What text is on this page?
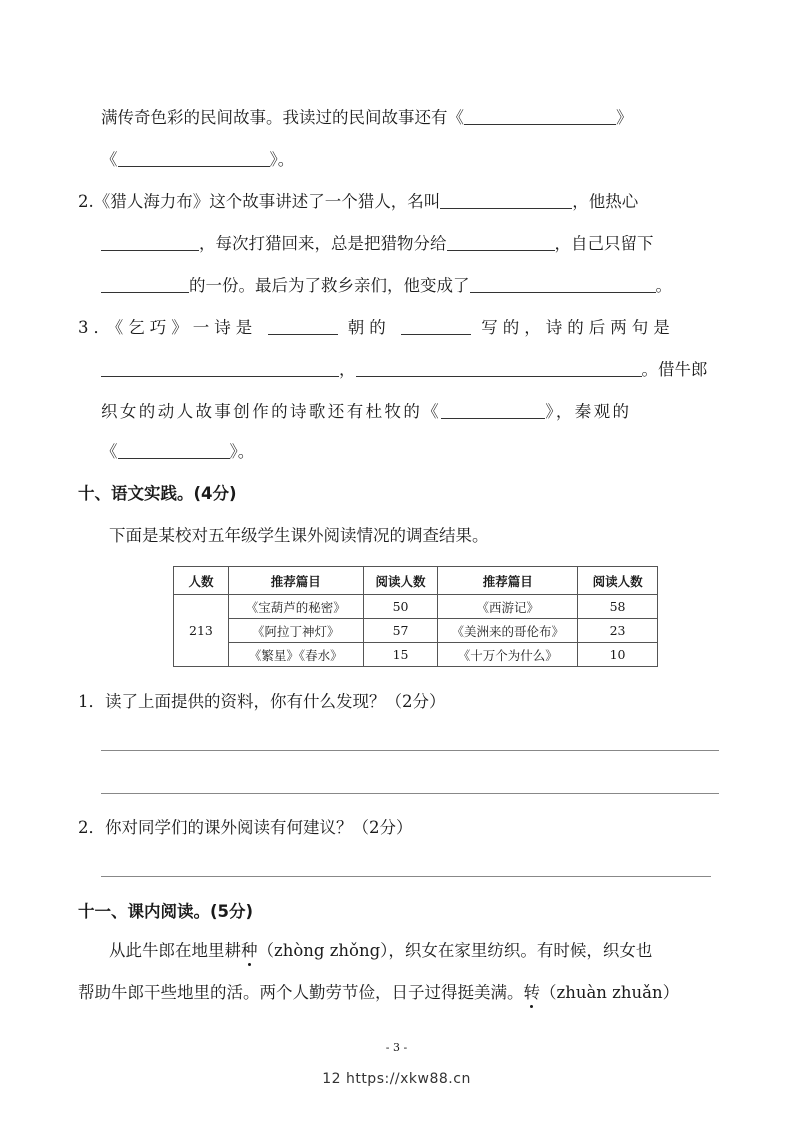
满传奇色彩的民间故事。我读过的民间故事还有《	》
《	》。
2.《猎人海力布》这个故事讲述了一个猎人，名叫	，他热心
，每次打猎回来，总是把猎物分给	，自己只留下
的一份。最后为了救乡亲们，他变成了	。
3．《乞巧》一诗是	朝的	写的，诗的后两句是
，	。借牛郎
织女的动人故事创作的诗歌还有杜牧的《	》，秦观的
《	》。
十、语文实践。(4分)
下面是某校对五年级学生课外阅读情况的调查结果。
人数	推荐篇目	阅读人数	推荐篇目	阅读人数
213	《宝葫芦的秘密》	50	《西游记》	58
	《阿拉丁神灯》	57	《美洲来的哥伦布》	23
	《繁星》《春水》	15	《十万个为什么》	10
1．读了上面提供的资料，你有什么发现？（2分）
2．你对同学们的课外阅读有何建议？（2分）
十一、课内阅读。(5分)
从此牛郎在地里耕种（zhòng zhǒng），织女在家里纺织。有时候，织女也
帮助牛郎干些地里的活。两个人勤劳节俭，日子过得挺美满。转（zhuàn zhuǎn）
- 3 -
12 https://xkw88.cn
